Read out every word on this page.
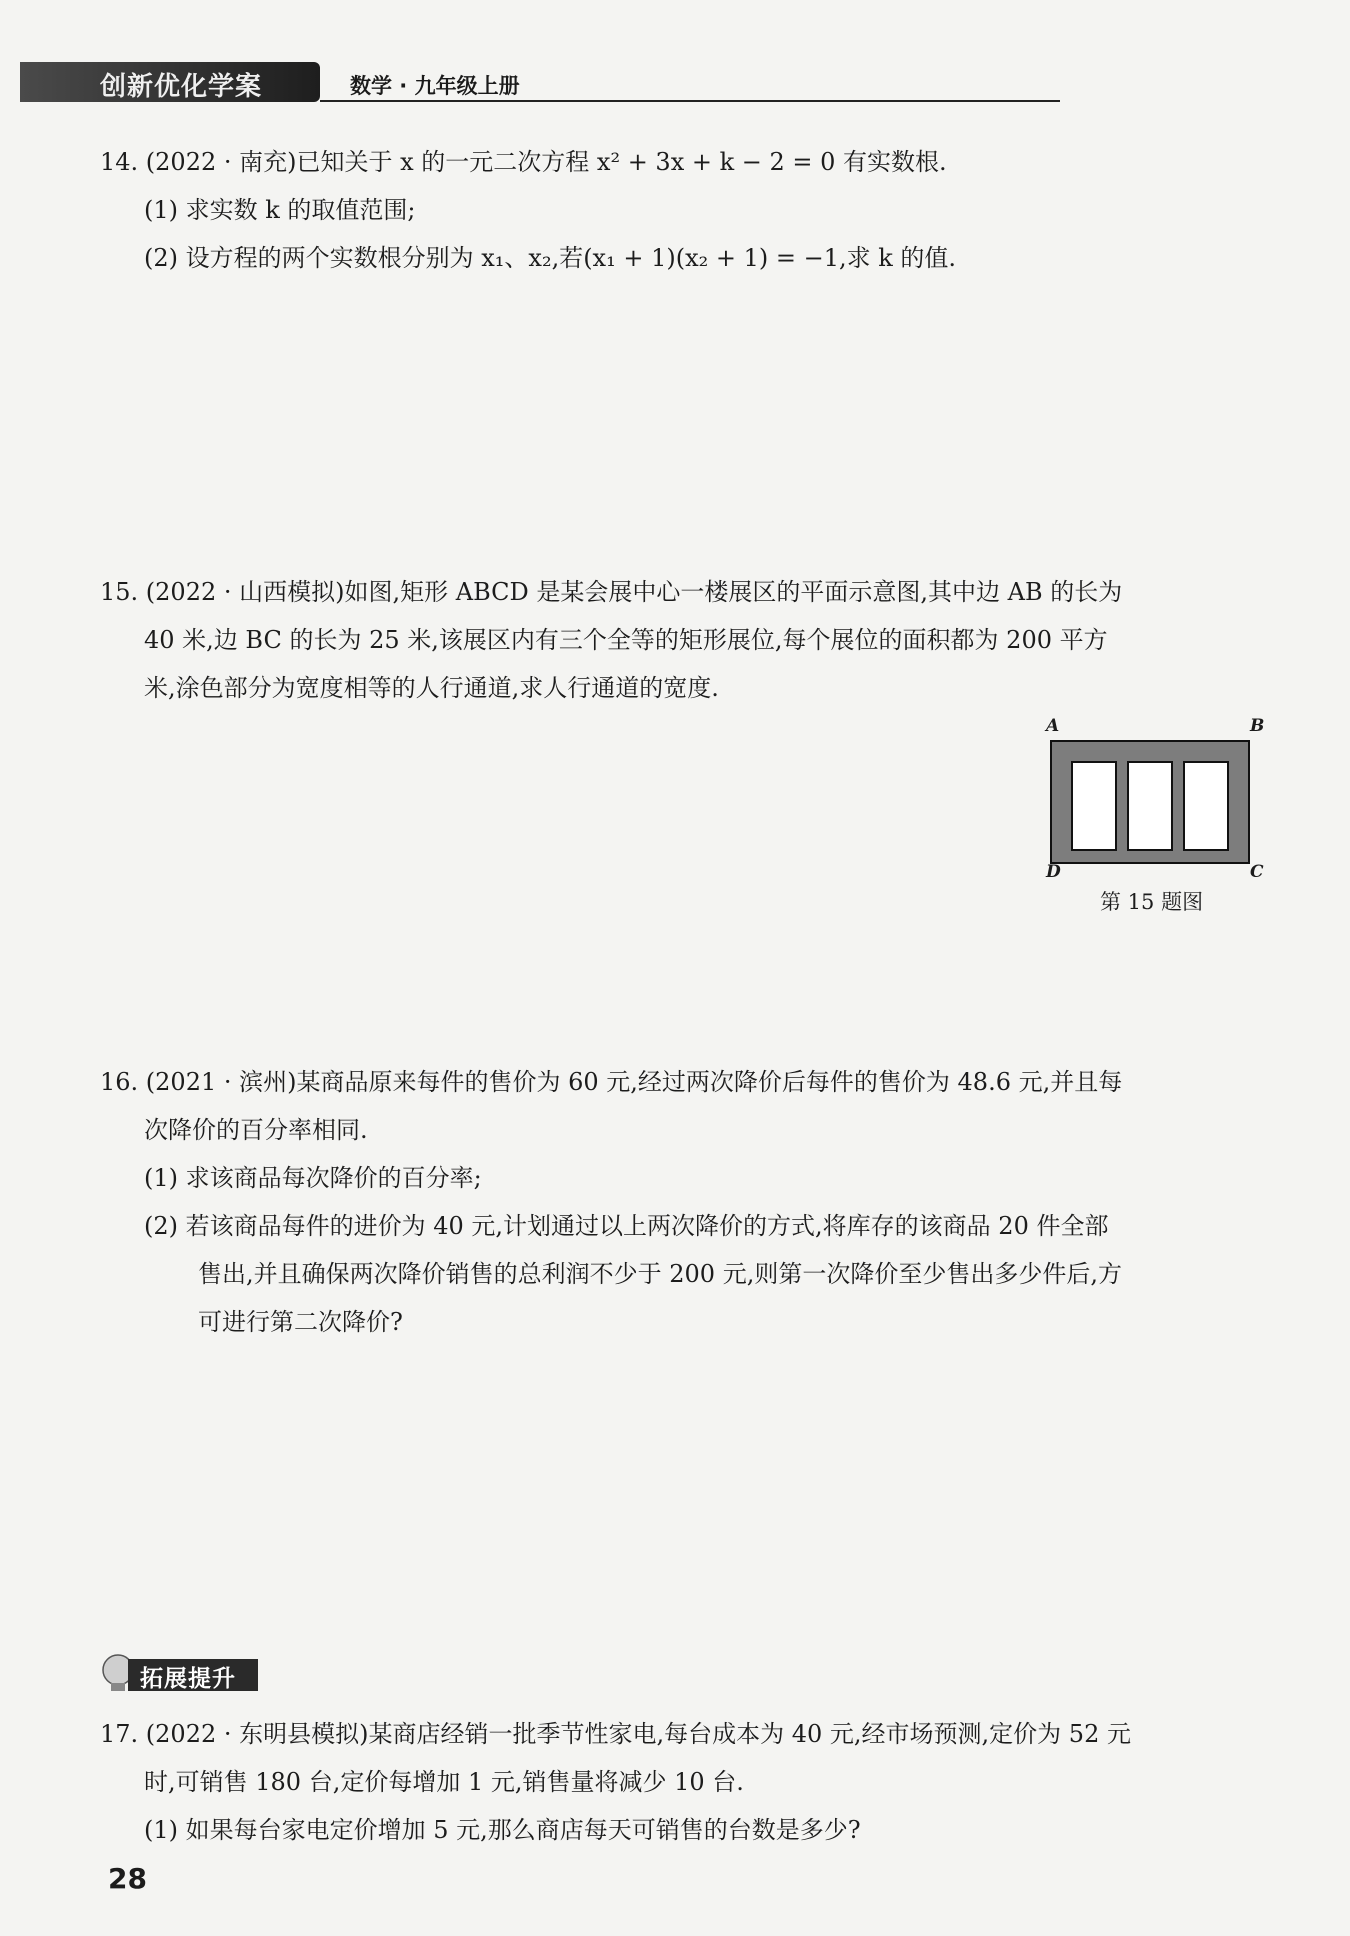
创新优化学案	数学 · 九年级上册

14. (2022 · 南充)已知关于 x 的一元二次方程 x² + 3x + k − 2 = 0 有实数根.

(1) 求实数 k 的取值范围;

(2) 设方程的两个实数根分别为 x₁、x₂,若(x₁ + 1)(x₂ + 1) = −1,求 k 的值.

15. (2022 · 山西模拟)如图,矩形 ABCD 是某会展中心一楼展区的平面示意图,其中边 AB 的长为

40 米,边 BC 的长为 25 米,该展区内有三个全等的矩形展位,每个展位的面积都为 200 平方

米,涂色部分为宽度相等的人行通道,求人行通道的宽度.

A	B
D	C
第 15 题图

16. (2021 · 滨州)某商品原来每件的售价为 60 元,经过两次降价后每件的售价为 48.6 元,并且每

次降价的百分率相同.

(1) 求该商品每次降价的百分率;

(2) 若该商品每件的进价为 40 元,计划通过以上两次降价的方式,将库存的该商品 20 件全部

售出,并且确保两次降价销售的总利润不少于 200 元,则第一次降价至少售出多少件后,方

可进行第二次降价?

拓展提升

17. (2022 · 东明县模拟)某商店经销一批季节性家电,每台成本为 40 元,经市场预测,定价为 52 元

时,可销售 180 台,定价每增加 1 元,销售量将减少 10 台.

(1) 如果每台家电定价增加 5 元,那么商店每天可销售的台数是多少?

28
